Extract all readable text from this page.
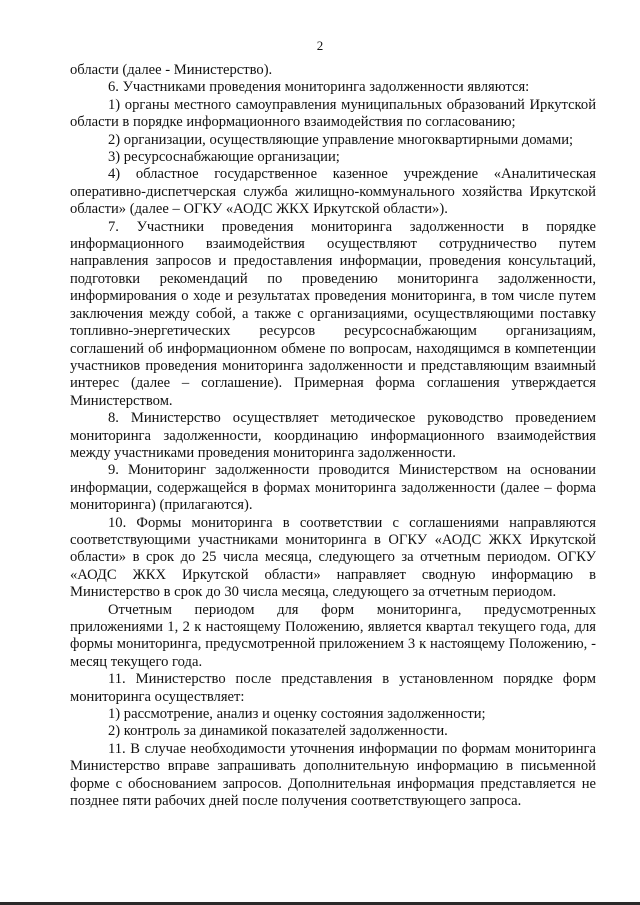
2

области (далее - Министерство).

6. Участниками проведения мониторинга задолженности являются:

1) органы местного самоуправления муниципальных образований Иркутской области в порядке информационного взаимодействия по согласованию;

2) организации, осуществляющие управление многоквартирными домами;

3) ресурсоснабжающие организации;

4) областное государственное казенное учреждение «Аналитическая оперативно-диспетчерская служба жилищно-коммунального хозяйства Иркутской области» (далее – ОГКУ «АОДС ЖКХ Иркутской области»).

7. Участники проведения мониторинга задолженности в порядке информационного взаимодействия осуществляют сотрудничество путем направления запросов и предоставления информации, проведения консультаций, подготовки рекомендаций по проведению мониторинга задолженности, информирования о ходе и результатах проведения мониторинга, в том числе путем заключения между собой, а также с организациями, осуществляющими поставку топливно-энергетических ресурсов ресурсоснабжающим организациям, соглашений об информационном обмене по вопросам, находящимся в компетенции участников проведения мониторинга задолженности и представляющим взаимный интерес (далее – соглашение). Примерная форма соглашения утверждается Министерством.

8. Министерство осуществляет методическое руководство проведением мониторинга задолженности, координацию информационного взаимодействия между участниками проведения мониторинга задолженности.

9. Мониторинг задолженности проводится Министерством на основании информации, содержащейся в формах мониторинга задолженности (далее – форма мониторинга) (прилагаются).

10. Формы мониторинга в соответствии с соглашениями направляются соответствующими участниками мониторинга в ОГКУ «АОДС ЖКХ Иркутской области» в срок до 25 числа месяца, следующего за отчетным периодом. ОГКУ «АОДС ЖКХ Иркутской области» направляет сводную информацию в Министерство в срок до 30 числа месяца, следующего за отчетным периодом.

Отчетным периодом для форм мониторинга, предусмотренных приложениями 1, 2 к настоящему Положению, является квартал текущего года, для формы мониторинга, предусмотренной приложением 3 к настоящему Положению, - месяц текущего года.

11. Министерство после представления в установленном порядке форм мониторинга осуществляет:

1) рассмотрение, анализ и оценку состояния задолженности;

2) контроль за динамикой показателей задолженности.

11. В случае необходимости уточнения информации по формам мониторинга Министерство вправе запрашивать дополнительную информацию в письменной форме с обоснованием запросов. Дополнительная информация представляется не позднее пяти рабочих дней после получения соответствующего запроса.
